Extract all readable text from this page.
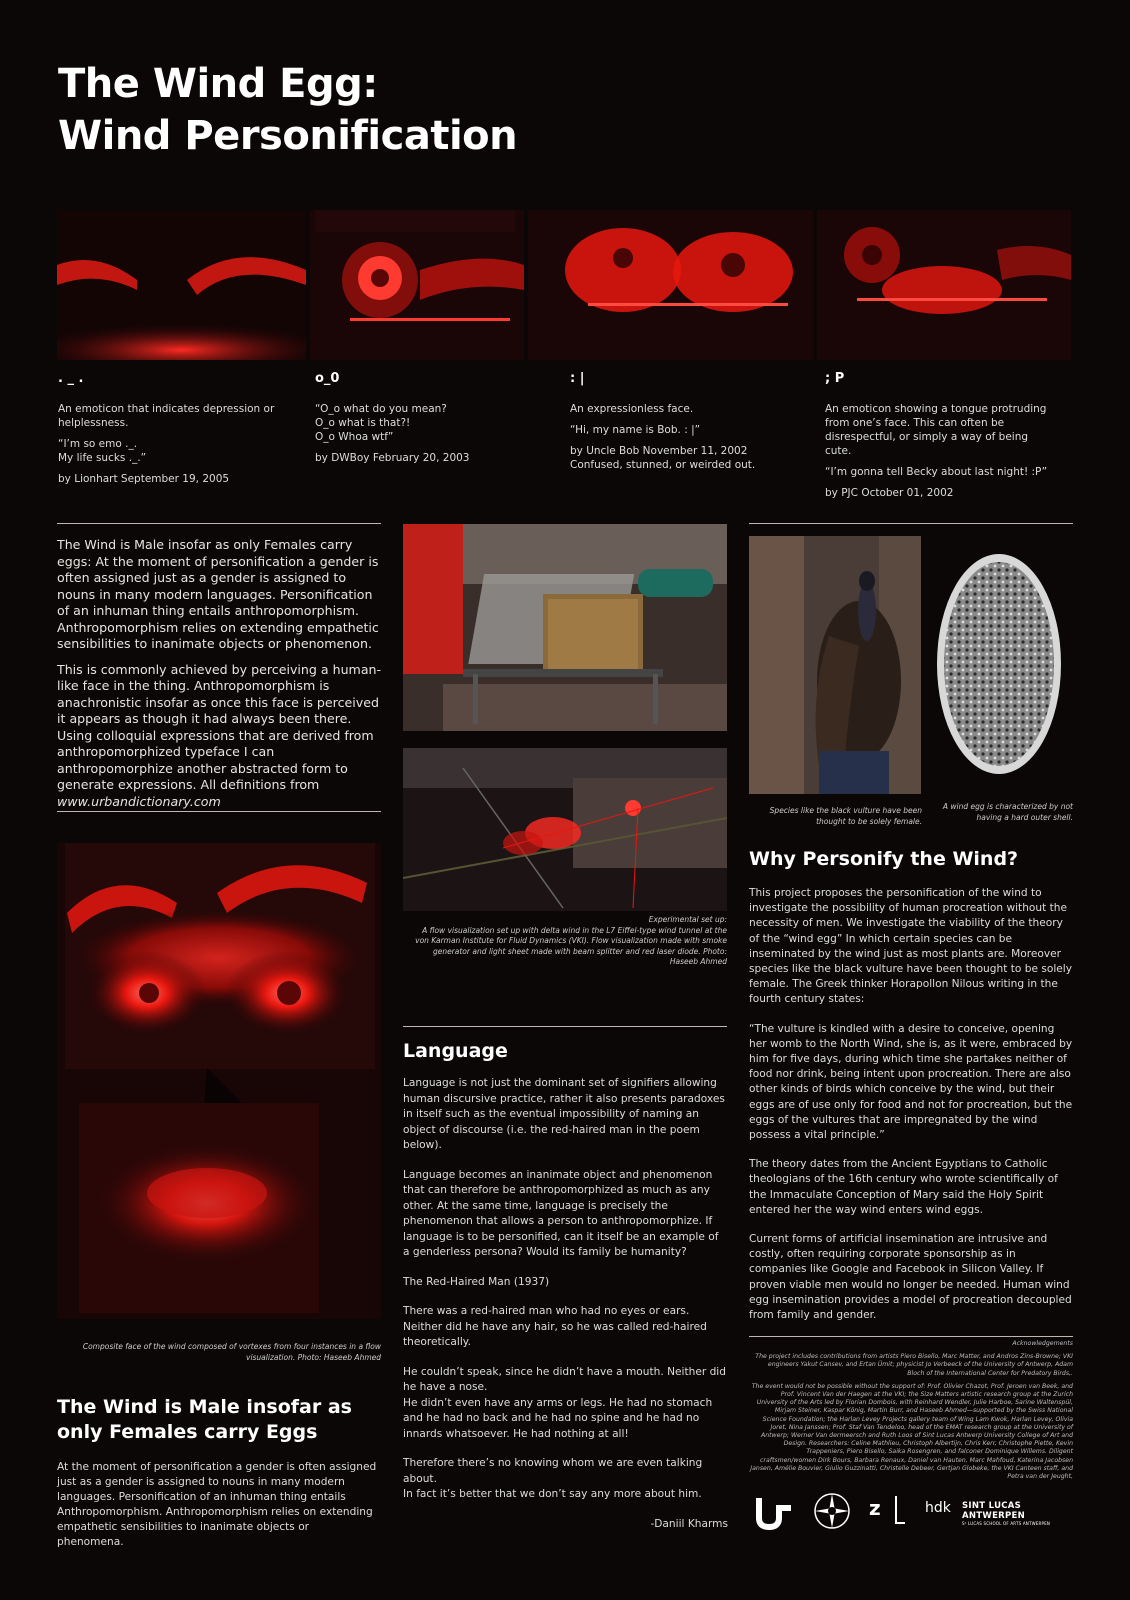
The Wind Egg:
Wind Personification
. _ .

An emoticon that indicates depression or helplessness.

“I’m so emo ._.
My life sucks ._.”

by Lionhart September 19, 2005

o_0

“O_o what do you mean?
O_o what is that?!
O_o Whoa wtf”

by DWBoy February 20, 2003

: |

An expressionless face.

“Hi, my name is Bob. : |”

by Uncle Bob November 11, 2002
Confused, stunned, or weirded out.

; P

An emoticon showing a tongue protruding from one’s face. This can often be disrespectful, or simply a way of being cute.

“I’m gonna tell Becky about last night! :P”

by PJC October 01, 2002

The Wind is Male insofar as only Females carry eggs: At the moment of personification a gender is often assigned just as a gender is assigned to nouns in many modern languages. Personification of an inhuman thing entails anthropomorphism. Anthropomorphism relies on extending empathetic sensibilities to inanimate objects or phenomenon.

This is commonly achieved by perceiving a human-like face in the thing. Anthropomorphism is anachronistic insofar as once this face is perceived it appears as though it had always been there. Using colloquial expressions that are derived from anthropomorphized typeface I can anthropomorphize another abstracted form to generate expressions. All definitions from
www.urbandictionary.com

Composite face of the wind composed of vortexes from four instances in a flow visualization. Photo: Haseeb Ahmed
The Wind is Male insofar as only Females carry Eggs
At the moment of personification a gender is often assigned just as a gender is assigned to nouns in many modern languages. Personification of an inhuman thing entails Anthropomorphism. Anthropomorphism relies on extending empathetic sensibilities to inanimate objects or phenomena.
Experimental set up:
A flow visualization set up with delta wind in the L7 Eiffel-type wind tunnel at the von Karman Institute for Fluid Dynamics (VKI). Flow visualization made with smoke generator and light sheet made with beam splitter and red laser diode. Photo: Haseeb Ahmed
Language

Language is not just the dominant set of signifiers allowing human discursive practice, rather it also presents paradoxes in itself such as the eventual impossibility of naming an object of discourse (i.e. the red-haired man in the poem below).

Language becomes an inanimate object and phenomenon that can therefore be anthropomorphized as much as any other. At the same time, language is precisely the phenomenon that allows a person to anthropomorphize. If language is to be personified, can it itself be an example of a genderless persona? Would its family be humanity?

The Red-Haired Man (1937)

There was a red-haired man who had no eyes or ears.
Neither did he have any hair, so he was called red-haired theoretically.

He couldn’t speak, since he didn’t have a mouth. Neither did he have a nose.
He didn’t even have any arms or legs. He had no stomach and he had no back and he had no spine and he had no innards whatsoever. He had nothing at all!

Therefore there’s no knowing whom we are even talking about.
In fact it’s better that we don’t say any more about him.

-Daniil Kharms

Species like the black vulture have been thought to be solely female.
A wind egg is characterized by not having a hard outer shell.
Why Personify the Wind?

This project proposes the personification of the wind to investigate the possibility of human procreation without the necessity of men. We investigate the viability of the theory of the “wind egg” In which certain species can be inseminated by the wind just as most plants are. Moreover species like the black vulture have been thought to be solely female. The Greek thinker Horapollon Nilous writing in the fourth century states:

“The vulture is kindled with a desire to conceive, opening her womb to the North Wind, she is, as it were, embraced by him for five days, during which time she partakes neither of food nor drink, being intent upon procreation. There are also other kinds of birds which conceive by the wind, but their eggs are of use only for food and not for procreation, but the eggs of the vultures that are impregnated by the wind possess a vital principle.”

The theory dates from the Ancient Egyptians to Catholic theologians of the 16th century who wrote scientifically of the Immaculate Conception of Mary said the Holy Spirit entered her the way wind enters wind eggs.

Current forms of artificial insemination are intrusive and costly, often requiring corporate sponsorship as in companies like Google and Facebook in Silicon Valley. If proven viable men would no longer be needed. Human wind egg insemination provides a model of procreation decoupled from family and gender.

Acknowledgements

The project includes contributions from artists Piero Bisello, Marc Matter, and Andros Zins-Browne; VKI engineers Yakut Cansev, and Ertan Ümit; physicist Jo Verbeeck of the University of Antwerp, Adam Bloch of the International Center for Predatory Birds,.

The event would not be possible without the support of: Prof. Olivier Chazot, Prof. Jeroen van Beek, and Prof. Vincent Van der Haegen at the VKI; the Size Matters artistic research group at the Zurich University of the Arts led by Florian Dombois, with Reinhard Wendler, Julie Harboe, Sarine Waltenspül, Mirjam Steiner, Kaspar König, Martin Burr, and Haseeb Ahmed—supported by the Swiss National Science Foundation; the Harlan Levey Projects gallery team of Wing Lam Kwok, Harlan Levey, Olivia Joret, Nina Janssen; Prof. Staf Van Tendeloo, head of the EMAT research group at the University of Antwerp; Werner Van dermeersch and Ruth Loos of Sint Lucas Antwerp University College of Art and Design. Researchers: Celine Mathlieu, Christoph Albertijn, Chris Kerr, Christophe Piette, Kevin Trappeniers, Piero Bisello, Saika Rosengren, and falconer Dominique Willems. Diligent craftsmen/women Dirk Bours, Barbara Renaux, Daniel van Hauten, Marc Mahfoud, Katerina Jacobsen Jansen, Amélie Bouvier, Giulio Guzzinatti, Christelle Debeer, Gertjan Globeke, the VKI Canteen staff, and Petra van der Jeught,

z	hdk SINT LUCAS ANTWERPEN
S² LUCAS SCHOOL OF ARTS ANTWERPEN
